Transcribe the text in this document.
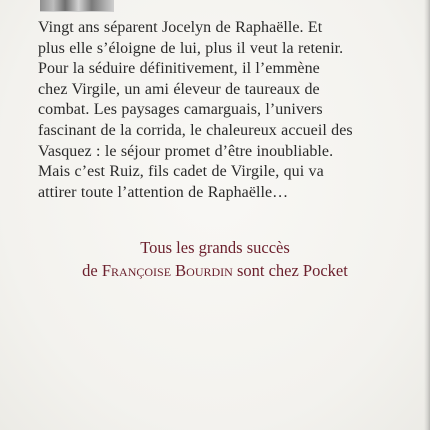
Vingt ans séparent Jocelyn de Raphaëlle. Et
plus elle s’éloigne de lui, plus il veut la retenir.
Pour la séduire définitivement, il l’emmène
chez Virgile, un ami éleveur de taureaux de
combat. Les paysages camarguais, l’univers
fascinant de la corrida, le chaleureux accueil des
Vasquez : le séjour promet d’être inoubliable.
Mais c’est Ruiz, fils cadet de Virgile, qui va
attirer toute l’attention de Raphaëlle…

Tous les grands succès
de Françoise Bourdin sont chez Pocket
